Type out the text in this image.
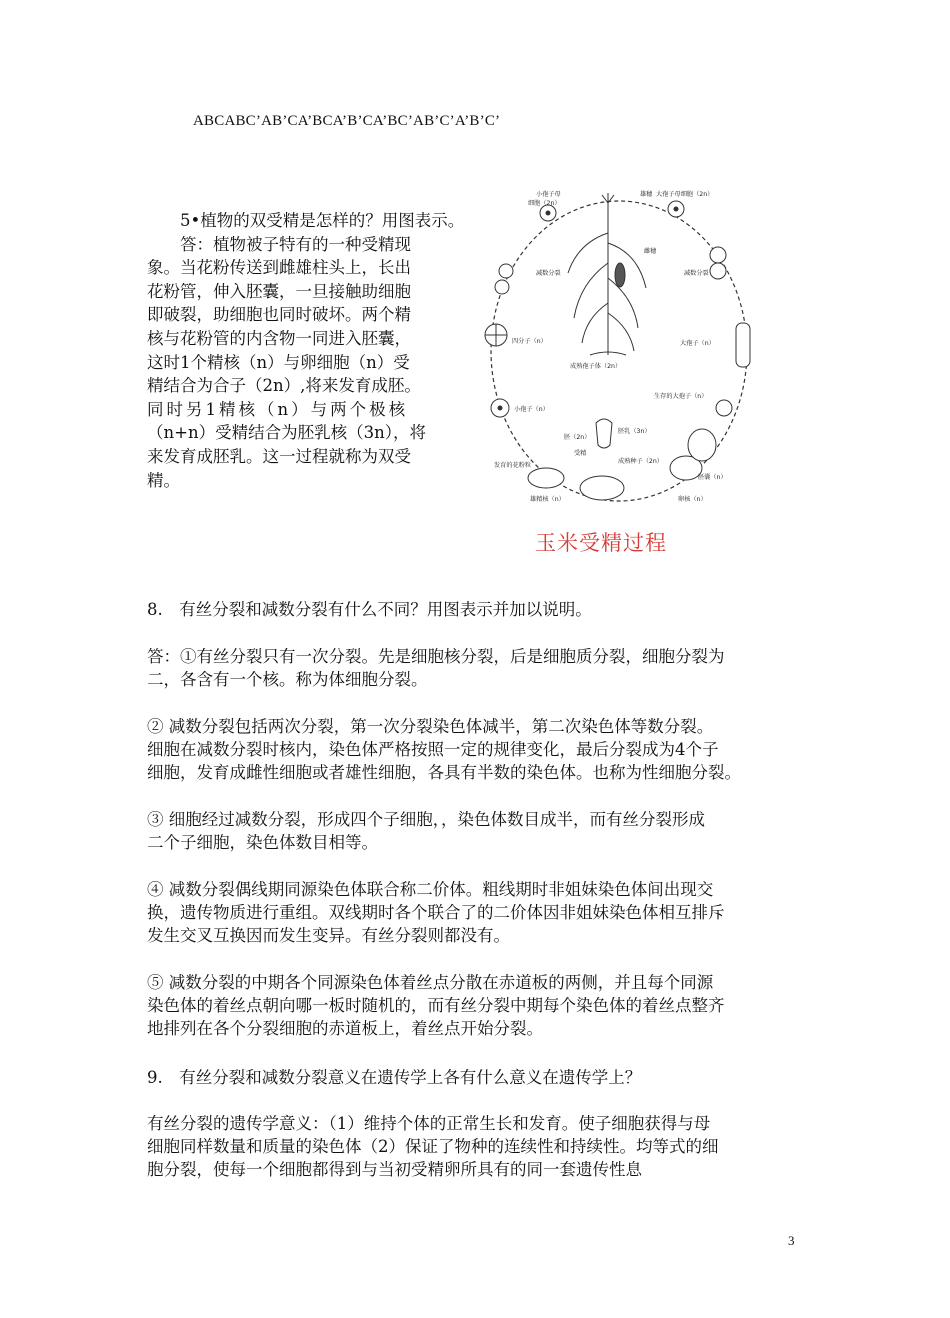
ABCABC’AB’CA’BCA’B’CA’BC’AB’C’A’B’C’
5•植物的双受精是怎样的？用图表示。
　　答：植物被子特有的一种受精现
象。当花粉传送到雌雄柱头上，长出
花粉管，伸入胚囊，一旦接触助细胞
即破裂，助细胞也同时破坏。两个精
核与花粉管的内含物一同进入胚囊，
这时1个精核（n）与卵细胞（n）受
精结合为合子（2n）,将来发育成胚。
同时另1精核（n）与两个极核
（n+n）受精结合为胚乳核（3n），将
来发育成胚乳。这一过程就称为双受
精。
小孢子母
细胞（2n）
雄穗 大孢子母细胞（2n）
减数分裂
雌穗
减数分裂
四分子（n）
成熟孢子体（2n）
大孢子（n）
生存的大孢子（n）
小孢子（n）
胚（2n）
胚乳（3n）
受精
发育的花粉粒
成熟种子（2n）
胚囊（n）
雄精核（n）	卵核（n）
玉米受精过程
8.　有丝分裂和减数分裂有什么不同？用图表示并加以说明。
答：①有丝分裂只有一次分裂。先是细胞核分裂，后是细胞质分裂，细胞分裂为
二，各含有一个核。称为体细胞分裂。
② 减数分裂包括两次分裂，第一次分裂染色体减半，第二次染色体等数分裂。
细胞在减数分裂时核内，染色体严格按照一定的规律变化，最后分裂成为4个子
细胞，发育成雌性细胞或者雄性细胞，各具有半数的染色体。也称为性细胞分裂。
③ 细胞经过减数分裂，形成四个子细胞，，染色体数目成半，而有丝分裂形成
二个子细胞，染色体数目相等。
④ 减数分裂偶线期同源染色体联合称二价体。粗线期时非姐妹染色体间出现交
换，遗传物质进行重组。双线期时各个联合了的二价体因非姐妹染色体相互排斥
发生交叉互换因而发生变异。有丝分裂则都没有。
⑤ 减数分裂的中期各个同源染色体着丝点分散在赤道板的两侧，并且每个同源
染色体的着丝点朝向哪一板时随机的，而有丝分裂中期每个染色体的着丝点整齐
地排列在各个分裂细胞的赤道板上，着丝点开始分裂。
9.　有丝分裂和减数分裂意义在遗传学上各有什么意义在遗传学上？
有丝分裂的遗传学意义：（1）维持个体的正常生长和发育。使子细胞获得与母
细胞同样数量和质量的染色体（2）保证了物种的连续性和持续性。均等式的细
胞分裂，使每一个细胞都得到与当初受精卵所具有的同一套遗传性息
3
